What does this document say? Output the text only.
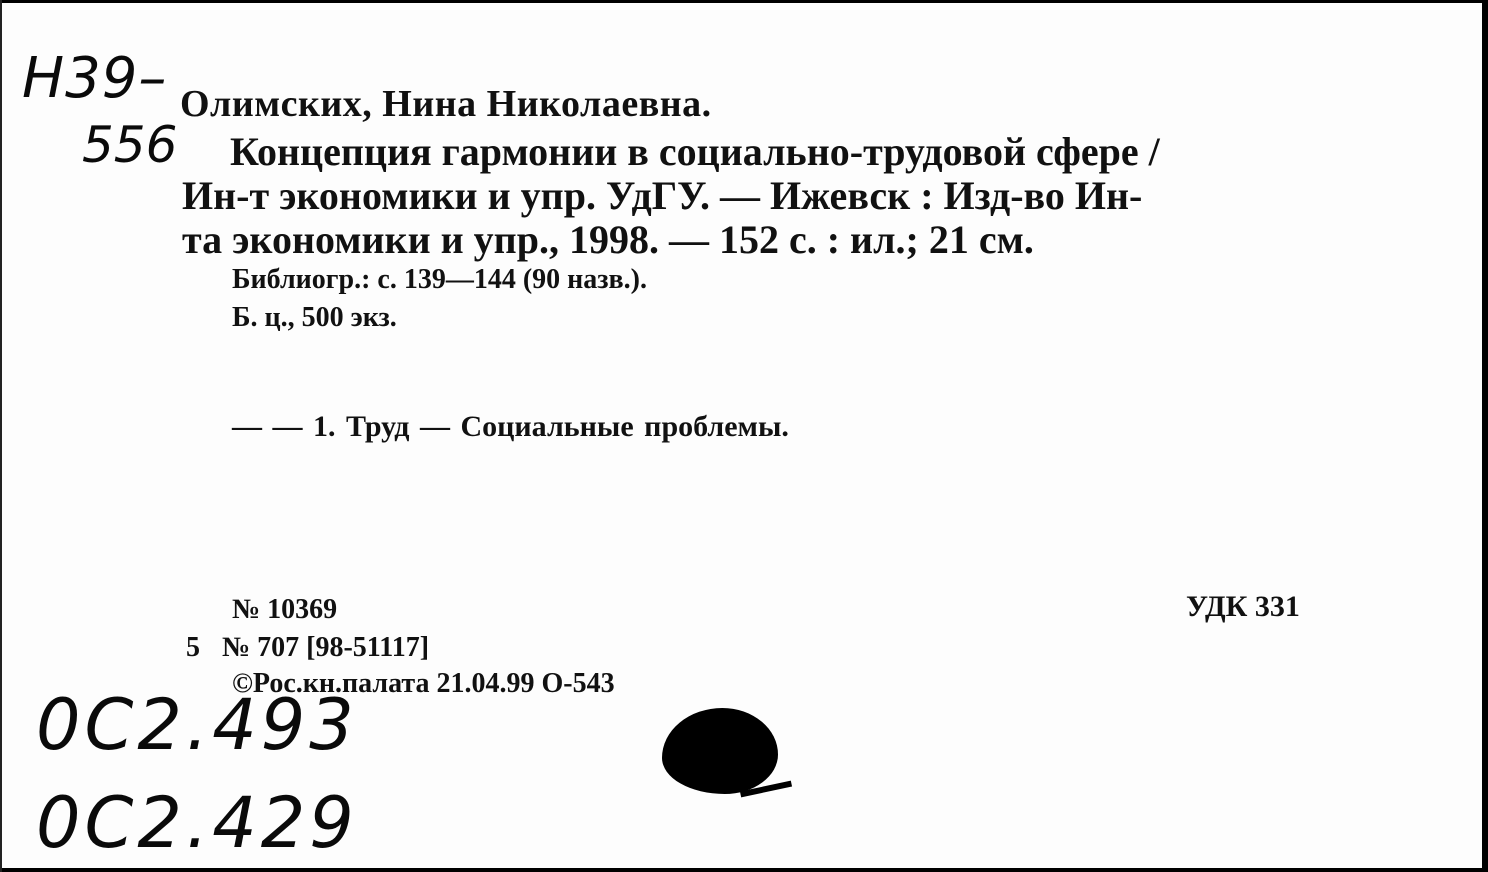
Н39–
556
Олимских, Нина Николаевна.
Концепция гармонии в социально-трудовой сфере /
Ин-т экономики и упр. УдГУ. — Ижевск : Изд-во Ин-
та экономики и упр., 1998. — 152 с. : ил.; 21 см.
Библиогр.: с. 139—144 (90 назв.).
Б. ц., 500 экз.
— — 1. Труд — Социальные проблемы.
№ 10369
5 № 707 [98-51117]
©Рос.кн.палата 21.04.99 О-543
УДК 331
0С2.493
0С2.429
